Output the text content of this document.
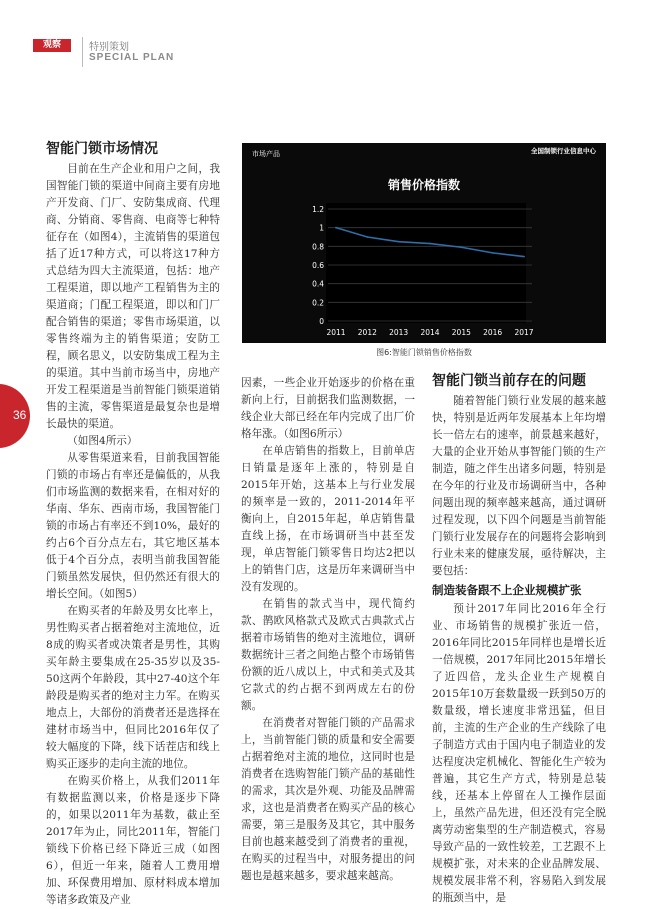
观察	特别策划
SPECIAL PLAN
36
智能门锁市场情况

目前在生产企业和用户之间，我国智能门锁的渠道中间商主要有房地产开发商、门厂、安防集成商、代理商、分销商、零售商、电商等七种特征存在（如图4），主流销售的渠道包括了近17种方式，可以将这17种方式总结为四大主流渠道，包括：地产工程渠道，即以地产工程销售为主的渠道商；门配工程渠道，即以和门厂配合销售的渠道；零售市场渠道，以零售终端为主的销售渠道；安防工程，顾名思义，以安防集成工程为主的渠道。其中当前市场当中，房地产开发工程渠道是当前智能门锁渠道销售的主流，零售渠道是最复杂也是增长最快的渠道。

（如图4所示）

从零售渠道来看，目前我国智能门锁的市场占有率还是偏低的，从我们市场监测的数据来看，在相对好的华南、华东、西南市场，我国智能门锁的市场占有率还不到10%，最好的约占6个百分点左右，其它地区基本低于4个百分点，表明当前我国智能门锁虽然发展快，但仍然还有很大的增长空间。（如图5）

在购买者的年龄及男女比率上，男性购买者占据着绝对主流地位，近8成的购买者或决策者是男性，其购买年龄主要集成在25-35岁以及35-50这两个年龄段，其中27-40这个年龄段是购买者的绝对主力军。在购买地点上，大部份的消费者还是选择在建材市场当中，但同比2016年仅了较大幅度的下降，线下话茬店和线上购买正逐步的走向主流的地位。

在购买价格上，从我们2011年有数据监测以来，价格是逐步下降的，如果以2011年为基数，截止至2017年为止，同比2011年，智能门锁线下价格已经下降近三成（如图6），但近一年来，随着人工费用增加、环保费用增加、原材料成本增加等诸多政策及产业

市场产品	全国制锁行业信息中心
销售价格指数
0
0.2
0.4
0.6
0.8
1
1.2
2011 2012 2013 2014 2015 2016 2017
图6:智能门锁销售价格指数

因素，一些企业开始逐步的价格在重新向上行，目前据我们监测数据，一线企业大部已经在年内完成了出厂价格年涨。（如图6所示）

在单店销售的指数上，目前单店日销量是逐年上涨的，特别是自2015年开始，这基本上与行业发展的频率是一致的，2011-2014年平衡向上，自2015年起，单店销售量直线上扬，在市场调研当中甚至发现，单店智能门锁零售日均达2把以上的销售门店，这是历年来调研当中没有发现的。

在销售的款式当中，现代简约款、鹊欧风格款式及欧式古典款式占据着市场销售的绝对主流地位，调研数据统计三者之间绝占整个市场销售份额的近八成以上，中式和美式及其它款式的约占据不到两成左右的份额。

在消费者对智能门锁的产品需求上，当前智能门锁的质量和安全需要占据着绝对主流的地位，这同时也是消费者在选购智能门锁产品的基础性的需求，其次是外观、功能及品牌需求，这也是消费者在购买产品的核心需要，第三是服务及其它，其中服务目前也越来越受到了消费者的重视，在购买的过程当中，对服务提出的问题也是越来越多，要求越来越高。

智能门锁当前存在的问题

随着智能门锁行业发展的越来越快，特别是近两年发展基本上年均增长一倍左右的速率，前景越来越好，大量的企业开始从事智能门锁的生产制造，随之伴生出诸多问题，特别是在今年的行业及市场调研当中，各种问题出现的频率越来越高，通过调研过程发现，以下四个问题是当前智能门锁行业发展存在的问题将会影响到行业未来的健康发展，亟待解决，主要包括：

制造装备跟不上企业规模扩张

预计2017年同比2016年全行业、市场销售的规模扩张近一倍，2016年同比2015年同样也是增长近一倍规模，2017年同比2015年增长了近四倍，龙头企业生产规模自2015年10万套数量级一跃到50万的数量级，增长速度非常迅猛，但目前，主流的生产企业的生产线除了电子制造方式由于国内电子制造业的发达程度决定机械化、智能化生产较为普遍，其它生产方式，特别是总装线，还基本上停留在人工操作层面上，虽然产品先进，但还没有完全脱离劳动密集型的生产制造模式，容易导致产品的一致性较差，工艺跟不上规模扩张，对未来的企业品牌发展、规模发展非常不利，容易陷入到发展的瓶颈当中，是
